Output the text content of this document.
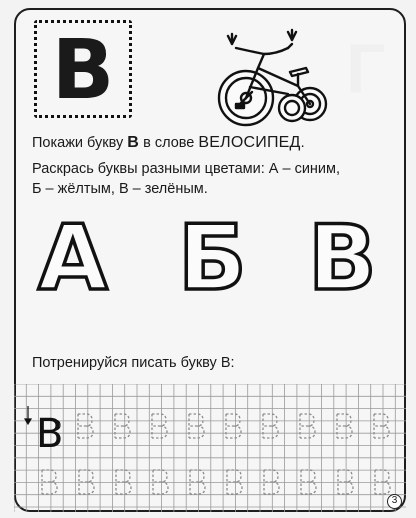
В
Покажи букву В в слове ВЕЛОСИПЕД.
Раскрась буквы разными цветами: А – синим,
Б – жёлтым, В – зелёным.
А Б В
Потренируйся писать букву В:
В
3
